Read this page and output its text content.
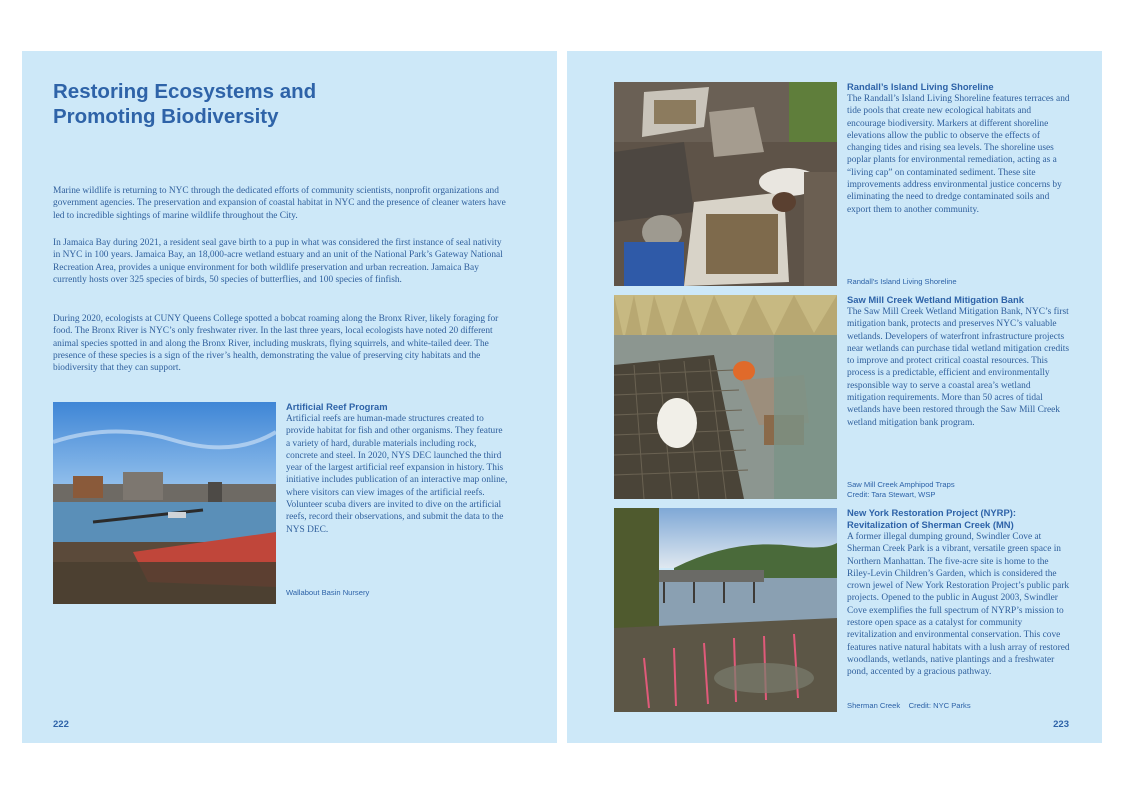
Restoring Ecosystems and Promoting Biodiversity

Marine wildlife is returning to NYC through the dedicated efforts of community scientists, nonprofit organizations and government agencies. The preservation and expansion of coastal habitat in NYC and the presence of cleaner waters have led to incredible sightings of marine wildlife throughout the City.

In Jamaica Bay during 2021, a resident seal gave birth to a pup in what was considered the first instance of seal nativity in NYC in 100 years. Jamaica Bay, an 18,000-acre wetland estuary and an unit of the National Park’s Gateway National Recreation Area, provides a unique environment for both wildlife preservation and urban recreation. Jamaica Bay currently hosts over 325 species of birds, 50 species of butterflies, and 100 species of finfish.

During 2020, ecologists at CUNY Queens College spotted a bobcat roaming along the Bronx River, likely foraging for food. The Bronx River is NYC’s only freshwater river. In the last three years, local ecologists have noted 20 different animal species spotted in and along the Bronx River, including muskrats, flying squirrels, and white-tailed deer. The presence of these species is a sign of the river’s health, demonstrating the value of preserving city habitats and the biodiversity that they can support.

Artificial Reef Program

Artificial reefs are human-made structures created to provide habitat for fish and other organisms. They feature a variety of hard, durable materials including rock, concrete and steel. In 2020, NYS DEC launched the third year of the largest artificial reef expansion in history. This initiative includes publication of an interactive map online, where visitors can view images of the artificial reefs. Volunteer scuba divers are invited to dive on the artificial reefs, record their observations, and submit the data to the NYS DEC.

Wallabout Basin Nursery
222
Randall’s Island Living Shoreline

The Randall’s Island Living Shoreline features terraces and tide pools that create new ecological habitats and encourage biodiversity. Markers at different shoreline elevations allow the public to observe the effects of changing tides and rising sea levels. The shoreline uses poplar plants for environmental remediation, acting as a “living cap” on contaminated sediment. These site improvements address environmental justice concerns by eliminating the need to dredge contaminated soils and export them to another community.

Randall’s Island Living Shoreline
Saw Mill Creek Wetland Mitigation Bank

The Saw Mill Creek Wetland Mitigation Bank, NYC’s first mitigation bank, protects and preserves NYC’s valuable wetlands. Developers of waterfront infrastructure projects near wetlands can purchase tidal wetland mitigation credits to improve and protect critical coastal resources. This process is a predictable, efficient and environmentally responsible way to serve a coastal area’s wetland mitigation requirements. More than 50 acres of tidal wetlands have been restored through the Saw Mill Creek wetland mitigation bank program.

Saw Mill Creek Amphipod Traps
Credit: Tara Stewart, WSP
New York Restoration Project (NYRP):
Revitalization of Sherman Creek (MN)

A former illegal dumping ground, Swindler Cove at Sherman Creek Park is a vibrant, versatile green space in Northern Manhattan. The five-acre site is home to the Riley-Levin Children’s Garden, which is considered the crown jewel of New York Restoration Project’s public park projects. Opened to the public in August 2003, Swindler Cove exemplifies the full spectrum of NYRP’s mission to restore open space as a catalyst for community revitalization and environmental conservation. This cove features native natural habitats with a lush array of restored woodlands, wetlands, native plantings and a freshwater pond, accented by a gracious pathway.

Sherman Creek    Credit: NYC Parks
223
